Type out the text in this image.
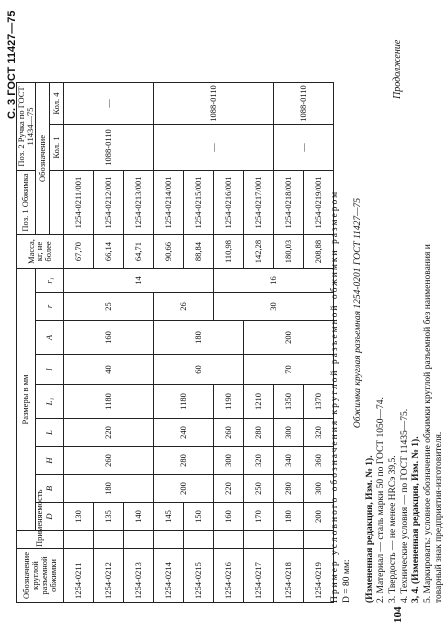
С. 3 ГОСТ 11427—75	Продолжение
104
Обозначение круглой разъемной обжимки	Применяемость	Размеры в мм									Масса, кг, не более	Поз. 1 Обжимка	Поз. 2 Ручка по ГОСТ 11434—75	
		D	B	H	L	L₁	l	A	r	r₁		Обозначение		
													Кол. 1	Кол. 4
1254-0211		130	180	260	220	1180	40	160	25	14	67,70	1254-0211/001	1088-0110	—
1254-0212		135									66,14	1254-0212/001		
1254-0213		140									64,71	1254-0213/001		
1254-0214		145	200	280	240	1180	60	180	26		90,66	1254-0214/001	—	1088-0110
1254-0215		150									88,84	1254-0215/001		
1254-0216		160	220	300	260	1190			30	16	110,98	1254-0216/001		
1254-0217		170	250	320	280	1210	70	200			142,28	1254-0217/001		
1254-0218		180	280	340	300	1350					180,03	1254-0218/001	—	1088-0110
1254-0219		200	300	360	320	1370					208,88	1254-0219/001		Пример условного обозначения круглой разъемной обжимки размером D = 80 мм:
Обжимка круглая разъемная 1254-0201 ГОСТ 11427—75
(Измененная редакция, Изм. № 1). 2. Материал — сталь марки 50 по ГОСТ 1050—74. 3. Твердость — не менее HRCэ 39,5. 4. Технические условия — по ГОСТ 11435—75. 3, 4. (Измененная редакция, Изм. № 1). 5. Маркировать: условное обозначение обжимки круглой разъемной без наименования и товарный знак предприятия-изготовителя.
